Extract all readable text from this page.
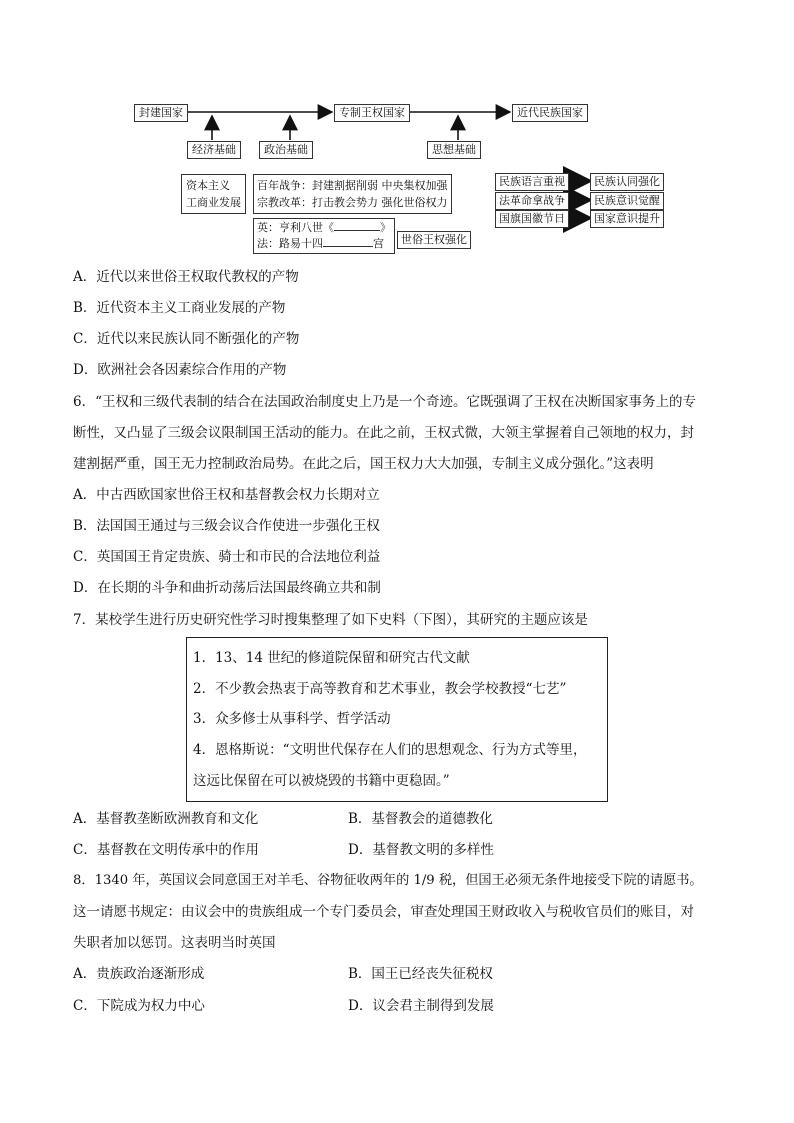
封建国家	专制王权国家	近代民族国家
经济基础	政治基础	思想基础
资本主义
工商业发展
百年战争：封建割据削弱 中央集权加强
宗教改革：打击教会势力 强化世俗权力
英：亨利八世《	》
法：路易十四	宫	世俗王权强化
民族语言重视
法革命拿战争
国旗国徽节日
民族认同强化
民族意识觉醒
国家意识提升
A．近代以来世俗王权取代教权的产物
B．近代资本主义工商业发展的产物
C．近代以来民族认同不断强化的产物
D．欧洲社会各因素综合作用的产物
6．“王权和三级代表制的结合在法国政治制度史上乃是一个奇迹。它既强调了王权在决断国家事务上的专
断性，又凸显了三级会议限制国王活动的能力。在此之前，王权式微，大领主掌握着自己领地的权力，封
建割据严重，国王无力控制政治局势。在此之后，国王权力大大加强，专制主义成分强化。”这表明
A．中古西欧国家世俗王权和基督教会权力长期对立
B．法国国王通过与三级会议合作使进一步强化王权
C．英国国王肯定贵族、骑士和市民的合法地位利益
D．在长期的斗争和曲折动荡后法国最终确立共和制
7．某校学生进行历史研究性学习时搜集整理了如下史料（下图），其研究的主题应该是
1．13、14 世纪的修道院保留和研究古代文献
2．不少教会热衷于高等教育和艺术事业，教会学校教授“七艺”
3．众多修士从事科学、哲学活动
4．恩格斯说：“文明世代保存在人们的思想观念、行为方式等里，
这远比保留在可以被烧毁的书籍中更稳固。”
A．基督教垄断欧洲教育和文化	B．基督教会的道德教化
C．基督教在文明传承中的作用	D．基督教文明的多样性
8．1340 年，英国议会同意国王对羊毛、谷物征收两年的 1/9 税，但国王必须无条件地接受下院的请愿书。
这一请愿书规定：由议会中的贵族组成一个专门委员会，审查处理国王财政收入与税收官员们的账目，对
失职者加以惩罚。这表明当时英国
A．贵族政治逐渐形成	B．国王已经丧失征税权
C．下院成为权力中心	D．议会君主制得到发展
